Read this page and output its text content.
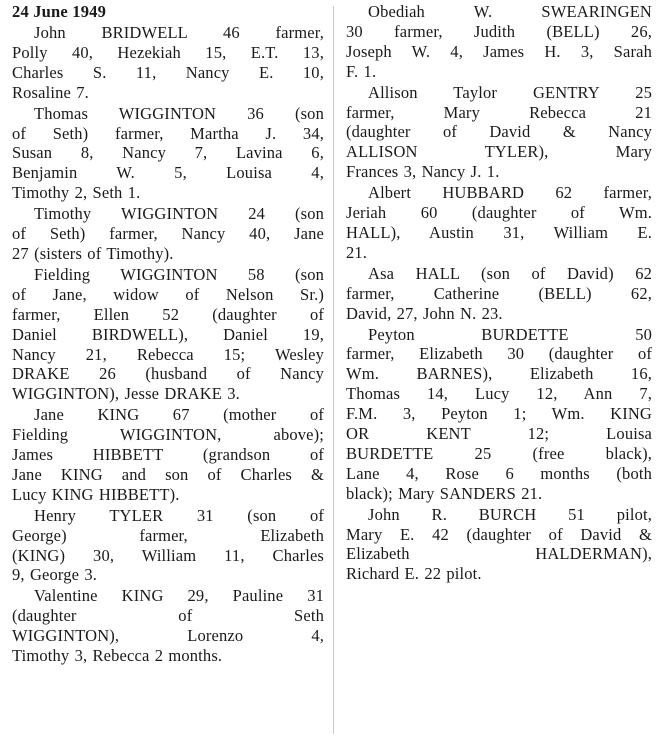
24 June 1949
John BRIDWELL 46 farmer,
Polly 40, Hezekiah 15, E.T. 13,
Charles S. 11, Nancy E. 10,
Rosaline 7.
Thomas WIGGINTON 36 (son
of Seth) farmer, Martha J. 34,
Susan 8, Nancy 7, Lavina 6,
Benjamin W. 5, Louisa 4,
Timothy 2, Seth 1.
Timothy WIGGINTON 24 (son
of Seth) farmer, Nancy 40, Jane
27 (sisters of Timothy).
Fielding WIGGINTON 58 (son
of Jane, widow of Nelson Sr.)
farmer, Ellen 52 (daughter of
Daniel BIRDWELL), Daniel 19,
Nancy 21, Rebecca 15; Wesley
DRAKE 26 (husband of Nancy
WIGGINTON), Jesse DRAKE 3.
Jane KING 67 (mother of
Fielding WIGGINTON, above);
James HIBBETT (grandson of
Jane KING and son of Charles &
Lucy KING HIBBETT).
Henry TYLER 31 (son of
George) farmer, Elizabeth
(KING) 30, William 11, Charles
9, George 3.
Valentine KING 29, Pauline 31
(daughter of Seth
WIGGINTON), Lorenzo 4,
Timothy 3, Rebecca 2 months.
Obediah W. SWEARINGEN
30 farmer, Judith (BELL) 26,
Joseph W. 4, James H. 3, Sarah
F. 1.
Allison Taylor GENTRY 25
farmer, Mary Rebecca 21
(daughter of David & Nancy
ALLISON TYLER), Mary
Frances 3, Nancy J. 1.
Albert HUBBARD 62 farmer,
Jeriah 60 (daughter of Wm.
HALL), Austin 31, William E.
21.
Asa HALL (son of David) 62
farmer, Catherine (BELL) 62,
David, 27, John N. 23.
Peyton BURDETTE 50
farmer, Elizabeth 30 (daughter of
Wm. BARNES), Elizabeth 16,
Thomas 14, Lucy 12, Ann 7,
F.M. 3, Peyton 1; Wm. KING
OR KENT 12; Louisa
BURDETTE 25 (free black),
Lane 4, Rose 6 months (both
black); Mary SANDERS 21.
John R. BURCH 51 pilot,
Mary E. 42 (daughter of David &
Elizabeth HALDERMAN),
Richard E. 22 pilot.
